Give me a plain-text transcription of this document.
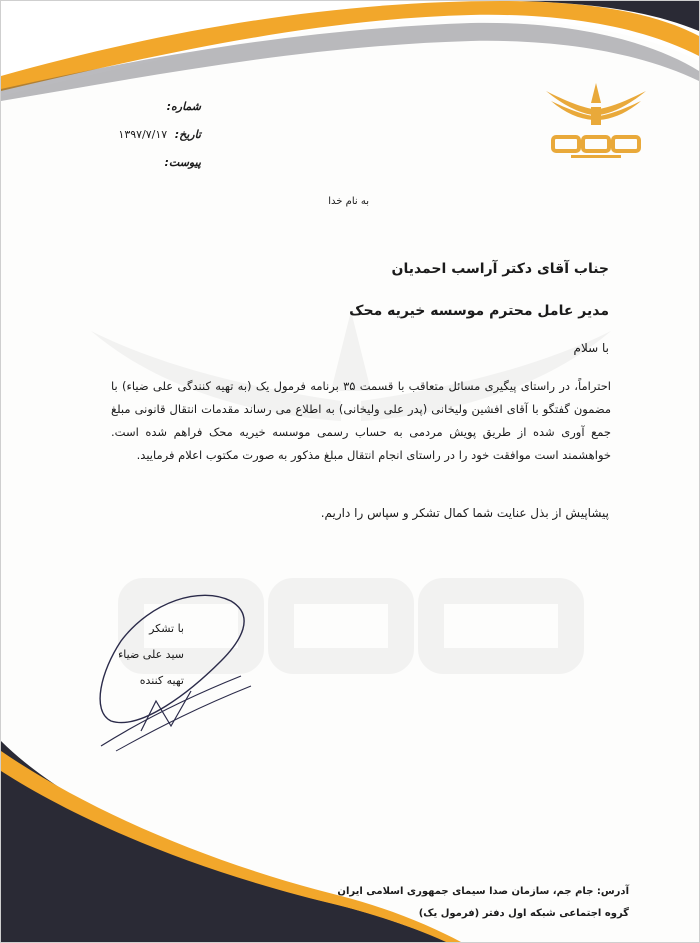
شماره:
تاریخ: ۱۳۹۷/۷/۱۷
پیوست:
به نام خدا
جناب آقای دکتر آراسب احمدیان
مدیر عامل محترم موسسه خیریه محک
با سلام
احتراماً، در راستای پیگیری مسائل متعاقب با قسمت ۳۵ برنامه فرمول یک (به تهیه کنندگی علی ضیاء) با مضمون گفتگو با آقای افشین ولیخانی (پدر علی ولیخانی) به اطلاع می رساند مقدمات انتقال قانونی مبلغ جمع آوری شده از طریق پویش مردمی به حساب رسمی موسسه خیریه محک فراهم شده است. خواهشمند است موافقت خود را در راستای انجام انتقال مبلغ مذکور به صورت مکتوب اعلام فرمایید.
پیشاپیش از بذل عنایت شما کمال تشکر و سپاس را داریم.
با تشکر
سید علی ضیاء
تهیه کننده
آدرس: جام جم، سازمان صدا سیمای جمهوری اسلامی ایران
گروه اجتماعی شبکه اول دفتر (فرمول یک)
